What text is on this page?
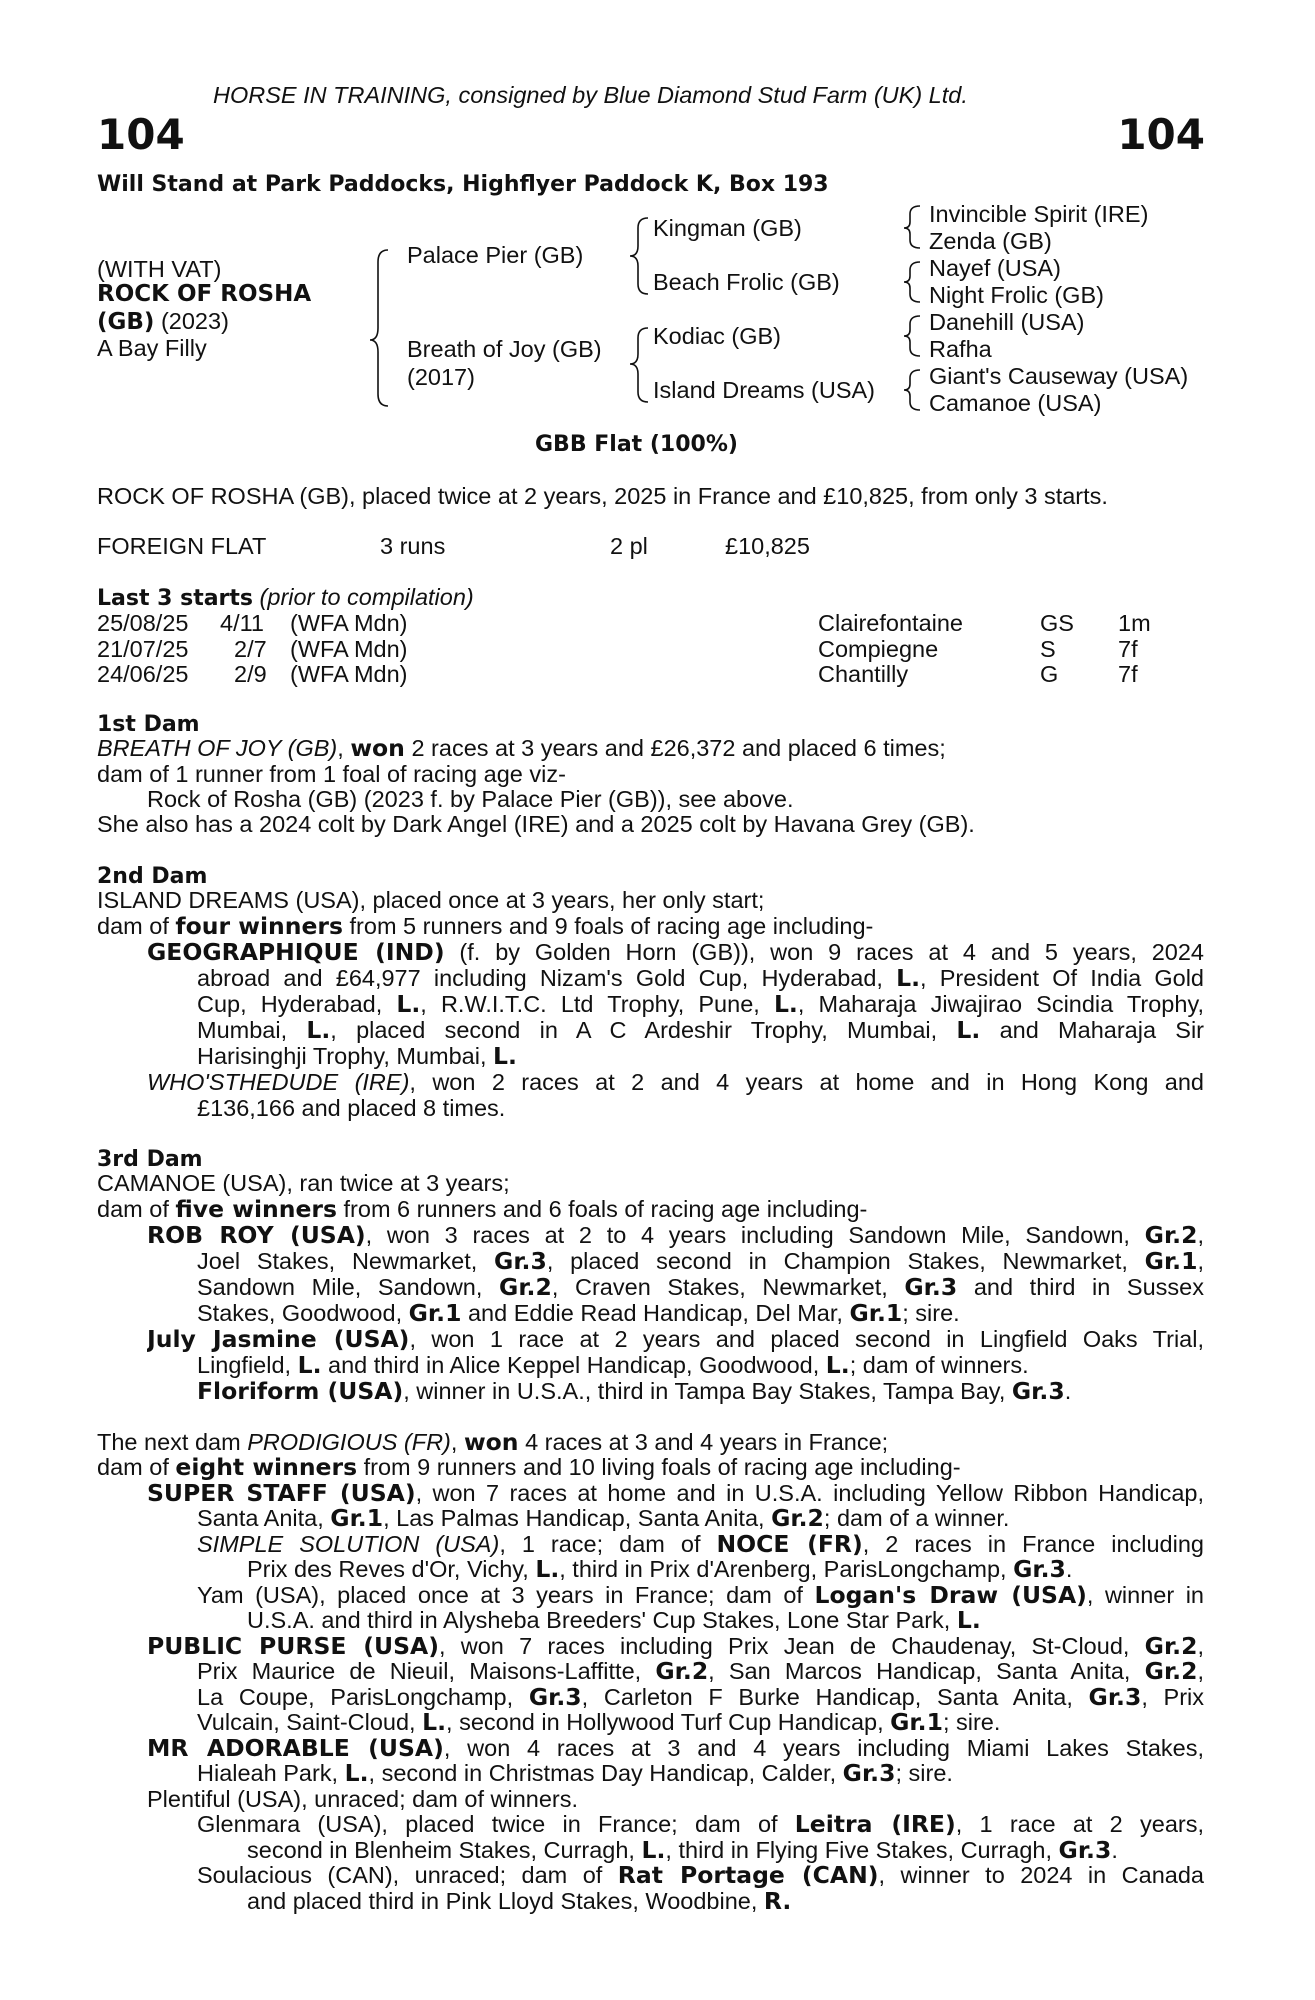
HORSE IN TRAINING, consigned by Blue Diamond Stud Farm (UK) Ltd.
104	104
Will Stand at Park Paddocks, Highflyer Paddock K, Box 193
(WITH VAT)
ROCK OF ROSHA
(GB) (2023)
A Bay Filly
Palace Pier (GB)
Breath of Joy (GB)
(2017)
Kingman (GB)
Beach Frolic (GB)
Kodiac (GB)
Island Dreams (USA)
Invincible Spirit (IRE)
Zenda (GB)
Nayef (USA)
Night Frolic (GB)
Danehill (USA)
Rafha
Giant's Causeway (USA)
Camanoe (USA)
GBB Flat (100%)
ROCK OF ROSHA (GB), placed twice at 2 years, 2025 in France and £10,825, from only 3 starts.
FOREIGN FLAT	3 runs	2 pl	£10,825
Last 3 starts (prior to compilation)
25/08/25 4/11 (WFA Mdn)	Clairefontaine	GS 1m
21/07/25 2/7 (WFA Mdn)	Compiegne	S	7f
24/06/25 2/9 (WFA Mdn)	Chantilly	G	7f
1st Dam
BREATH OF JOY (GB), won 2 races at 3 years and £26,372 and placed 6 times;
dam of 1 runner from 1 foal of racing age viz-
Rock of Rosha (GB) (2023 f. by Palace Pier (GB)), see above.
She also has a 2024 colt by Dark Angel (IRE) and a 2025 colt by Havana Grey (GB).
2nd Dam
ISLAND DREAMS (USA), placed once at 3 years, her only start;
dam of four winners from 5 runners and 9 foals of racing age including-
GEOGRAPHIQUE (IND) (f. by Golden Horn (GB)), won 9 races at 4 and 5 years, 2024
abroad and £64,977 including Nizam's Gold Cup, Hyderabad, L., President Of India Gold
Cup, Hyderabad, L., R.W.I.T.C. Ltd Trophy, Pune, L., Maharaja Jiwajirao Scindia Trophy,
Mumbai, L., placed second in A C Ardeshir Trophy, Mumbai, L. and Maharaja Sir
Harisinghji Trophy, Mumbai, L.
WHO'STHEDUDE (IRE), won 2 races at 2 and 4 years at home and in Hong Kong and
£136,166 and placed 8 times.
3rd Dam
CAMANOE (USA), ran twice at 3 years;
dam of five winners from 6 runners and 6 foals of racing age including-
ROB ROY (USA), won 3 races at 2 to 4 years including Sandown Mile, Sandown, Gr.2,
Joel Stakes, Newmarket, Gr.3, placed second in Champion Stakes, Newmarket, Gr.1,
Sandown Mile, Sandown, Gr.2, Craven Stakes, Newmarket, Gr.3 and third in Sussex
Stakes, Goodwood, Gr.1 and Eddie Read Handicap, Del Mar, Gr.1; sire.
July Jasmine (USA), won 1 race at 2 years and placed second in Lingfield Oaks Trial,
Lingfield, L. and third in Alice Keppel Handicap, Goodwood, L.; dam of winners.
Floriform (USA), winner in U.S.A., third in Tampa Bay Stakes, Tampa Bay, Gr.3.
The next dam PRODIGIOUS (FR), won 4 races at 3 and 4 years in France;
dam of eight winners from 9 runners and 10 living foals of racing age including-
SUPER STAFF (USA), won 7 races at home and in U.S.A. including Yellow Ribbon Handicap,
Santa Anita, Gr.1, Las Palmas Handicap, Santa Anita, Gr.2; dam of a winner.
SIMPLE SOLUTION (USA), 1 race; dam of NOCE (FR), 2 races in France including
Prix des Reves d'Or, Vichy, L., third in Prix d'Arenberg, ParisLongchamp, Gr.3.
Yam (USA), placed once at 3 years in France; dam of Logan's Draw (USA), winner in
U.S.A. and third in Alysheba Breeders' Cup Stakes, Lone Star Park, L.
PUBLIC PURSE (USA), won 7 races including Prix Jean de Chaudenay, St-Cloud, Gr.2,
Prix Maurice de Nieuil, Maisons-Laffitte, Gr.2, San Marcos Handicap, Santa Anita, Gr.2,
La Coupe, ParisLongchamp, Gr.3, Carleton F Burke Handicap, Santa Anita, Gr.3, Prix
Vulcain, Saint-Cloud, L., second in Hollywood Turf Cup Handicap, Gr.1; sire.
MR ADORABLE (USA), won 4 races at 3 and 4 years including Miami Lakes Stakes,
Hialeah Park, L., second in Christmas Day Handicap, Calder, Gr.3; sire.
Plentiful (USA), unraced; dam of winners.
Glenmara (USA), placed twice in France; dam of Leitra (IRE), 1 race at 2 years,
second in Blenheim Stakes, Curragh, L., third in Flying Five Stakes, Curragh, Gr.3.
Soulacious (CAN), unraced; dam of Rat Portage (CAN), winner to 2024 in Canada
and placed third in Pink Lloyd Stakes, Woodbine, R.
